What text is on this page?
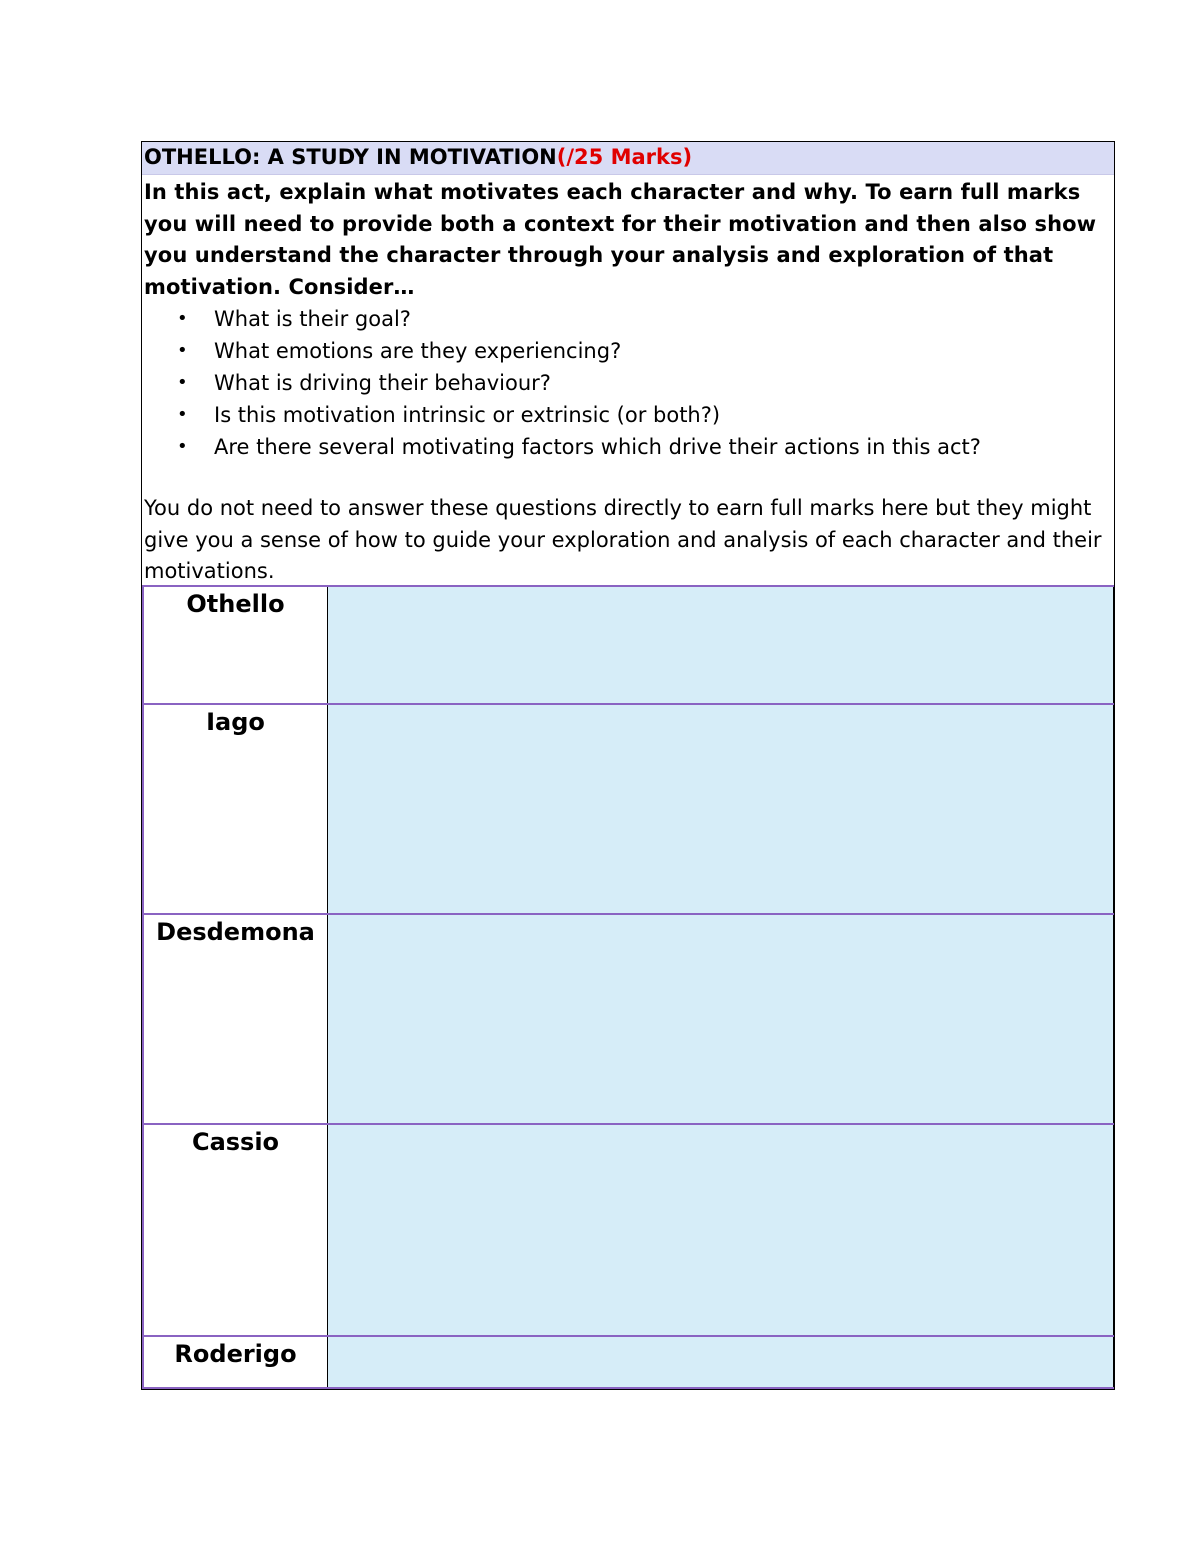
OTHELLO: A STUDY IN MOTIVATION(/25 Marks)

In this act, explain what motivates each character and why. To earn full marks you will need to provide both a context for their motivation and then also show you understand the character through your analysis and exploration of that motivation. Consider…

• What is their goal?
• What emotions are they experiencing?
• What is driving their behaviour?
• Is this motivation intrinsic or extrinsic (or both?)
• Are there several motivating factors which drive their actions in this act?

You do not need to answer these questions directly to earn full marks here but they might give you a sense of how to guide your exploration and analysis of each character and their motivations.

Othello	
Iago	
Desdemona	
Cassio	
Roderigo	
